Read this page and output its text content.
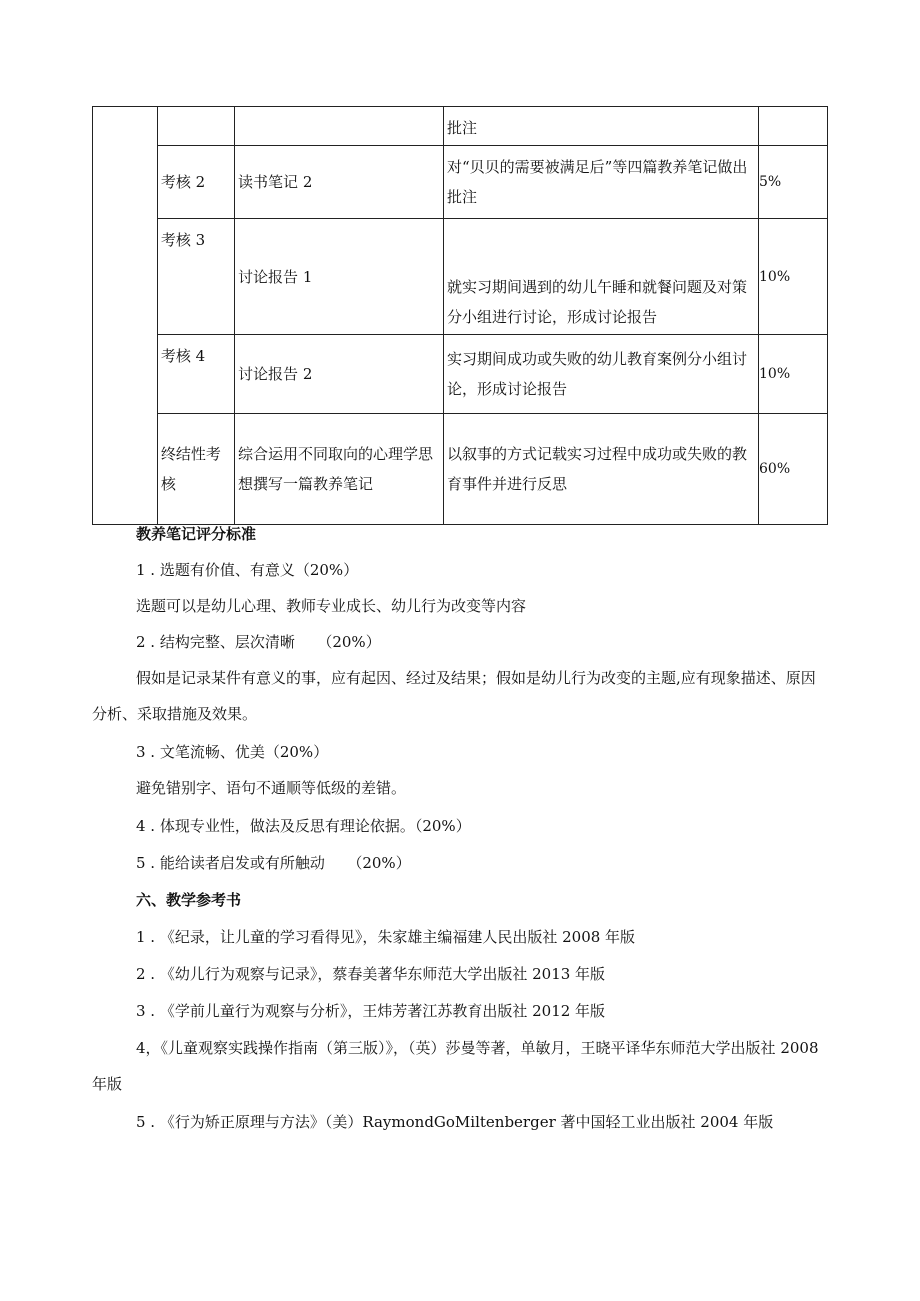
			批注	
	考核 2	读书笔记 2	对“贝贝的需要被满足后”等四篇教养笔记做出批注	5%
	考核 3	讨论报告 1	就实习期间遇到的幼儿午睡和就餐问题及对策分小组进行讨论，形成讨论报告	10%
	考核 4	讨论报告 2	实习期间成功或失败的幼儿教育案例分小组讨论，形成讨论报告	10%
	终结性考核	综合运用不同取向的心理学思想撰写一篇教养笔记	以叙事的方式记载实习过程中成功或失败的教育事件并进行反思	60%
教养笔记评分标准
1 . 选题有价值、有意义（20%）
选题可以是幼儿心理、教师专业成长、幼儿行为改变等内容
2 . 结构完整、层次清晰　　（20%）
假如是记录某件有意义的事，应有起因、经过及结果；假如是幼儿行为改变的主题,应有现象描述、原因分析、采取措施及效果。
3 . 文笔流畅、优美（20%）
避免错别字、语句不通顺等低级的差错。
4 . 体现专业性，做法及反思有理论依据。（20%）
5 . 能给读者启发或有所触动　　（20%）
六、教学参考书
1 . 《纪录，让儿童的学习看得见》，朱家雄主编福建人民出版社 2008 年版
2 . 《幼儿行为观察与记录》，蔡春美著华东师范大学出版社 2013 年版
3 . 《学前儿童行为观察与分析》，王炜芳著江苏教育出版社 2012 年版
4，《儿童观察实践操作指南（第三版）》，（英）莎曼等著，单敏月，王晓平译华东师范大学出版社 2008 年版
5 . 《行为矫正原理与方法》（美）RaymondGoMiltenberger 著中国轻工业出版社 2004 年版
